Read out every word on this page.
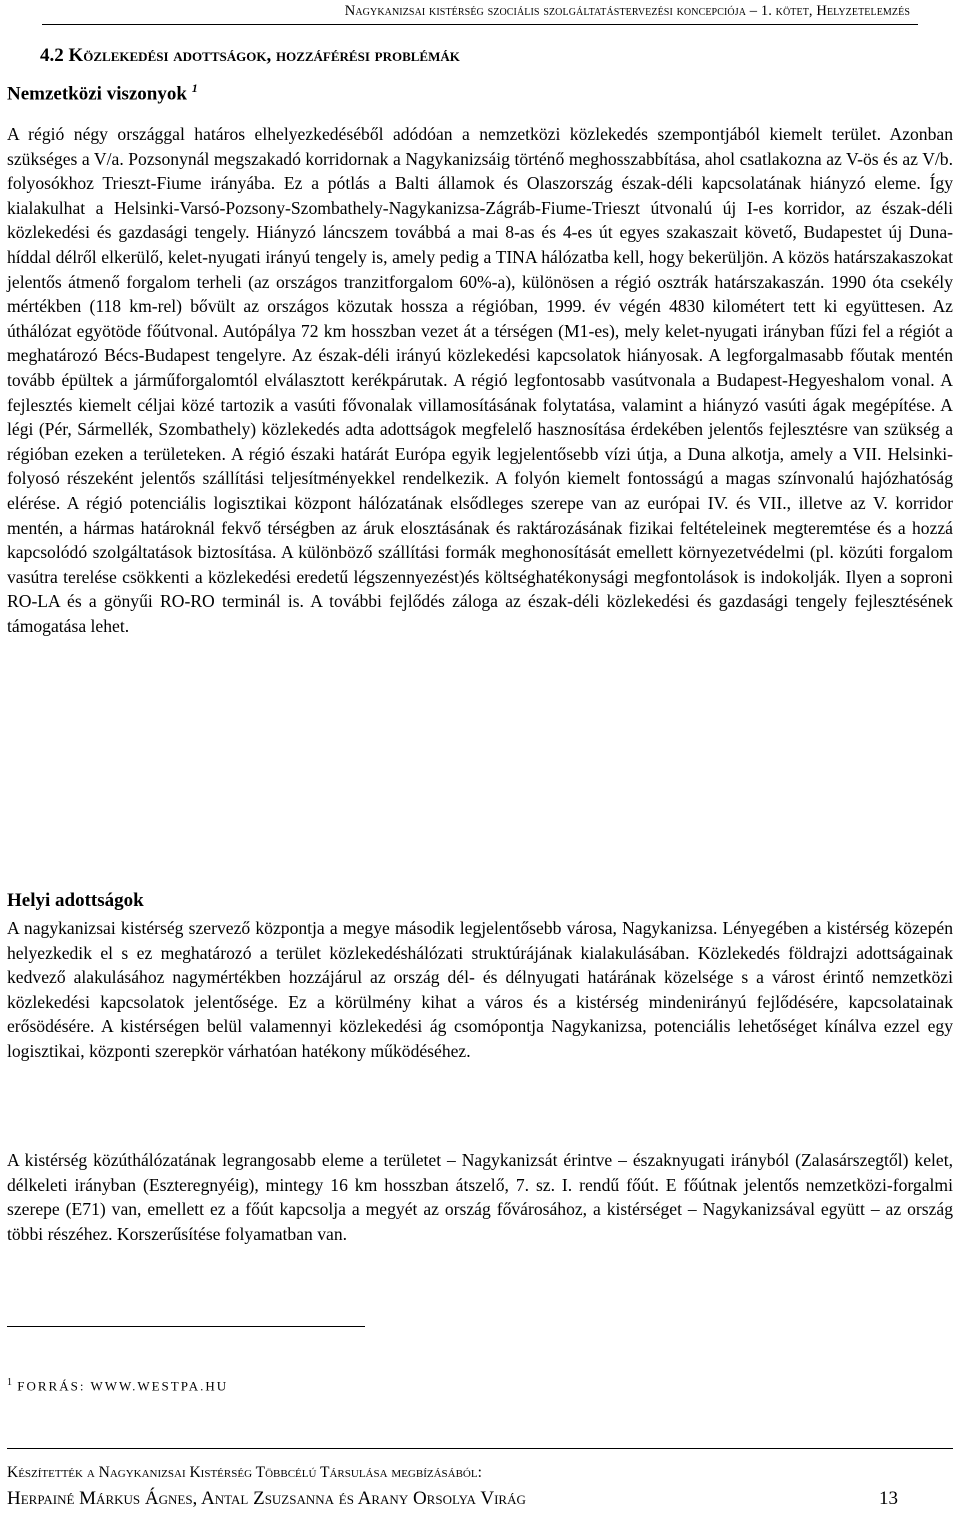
Nagykanizsai kistérség szociális szolgáltatástervezési koncepciója – 1. kötet, Helyzetelemzés
4.2 Közlekedési adottságok, hozzáférési problémák
Nemzetközi viszonyok $^1$

A régió négy országgal határos elhelyezkedéséből adódóan a nemzetközi közlekedés szempontjából kiemelt terület. Azonban szükséges a V/a. Pozsonynál megszakadó korridornak a Nagykanizsáig történő meghosszabbítása, ahol csatlakozna az V-ös és az V/b. folyosókhoz Trieszt-Fiume irányába. Ez a pótlás a Balti államok és Olaszország észak-déli kapcsolatának hiányzó eleme. Így kialakulhat a Helsinki-Varsó-Pozsony-Szombathely-Nagykanizsa-Zágráb-Fiume-Trieszt útvonalú új I-es korridor, az észak-déli közlekedési és gazdasági tengely. Hiányzó láncszem továbbá a mai 8-as és 4-es út egyes szakaszait követő, Budapestet új Duna-híddal délről elkerülő, kelet-nyugati irányú tengely is, amely pedig a TINA hálózatba kell, hogy bekerüljön. A közös határszakaszokat jelentős átmenő forgalom terheli (az országos tranzitforgalom 60%-a), különösen a régió osztrák határszakaszán. 1990 óta csekély mértékben (118 km-rel) bővült az országos közutak hossza a régióban, 1999. év végén 4830 kilométert tett ki együttesen. Az úthálózat egyötöde főútvonal. Autópálya 72 km hosszban vezet át a térségen (M1-es), mely kelet-nyugati irányban fűzi fel a régiót a meghatározó Bécs-Budapest tengelyre. Az észak-déli irányú közlekedési kapcsolatok hiányosak. A legforgalmasabb főutak mentén tovább épültek a járműforgalomtól elválasztott kerékpárutak. A régió legfontosabb vasútvonala a Budapest-Hegyeshalom vonal. A fejlesztés kiemelt céljai közé tartozik a vasúti fővonalak villamosításának folytatása, valamint a hiányzó vasúti ágak megépítése. A légi (Pér, Sármellék, Szombathely) közlekedés adta adottságok megfelelő hasznosítása érdekében jelentős fejlesztésre van szükség a régióban ezeken a területeken. A régió északi határát Európa egyik legjelentősebb vízi útja, a Duna alkotja, amely a VII. Helsinki-folyosó részeként jelentős szállítási teljesítményekkel rendelkezik. A folyón kiemelt fontosságú a magas színvonalú hajózhatóság elérése. A régió potenciális logisztikai központ hálózatának elsődleges szerepe van az európai IV. és VII., illetve az V. korridor mentén, a hármas határoknál fekvő térségben az áruk elosztásának és raktározásának fizikai feltételeinek megteremtése és a hozzá kapcsolódó szolgáltatások biztosítása. A különböző szállítási formák meghonosítását emellett környezetvédelmi (pl. közúti forgalom vasútra terelése csökkenti a közlekedési eredetű légszennyezést)és költséghatékonysági megfontolások is indokolják. Ilyen a soproni RO-LA és a gönyűi RO-RO terminál is. A további fejlődés záloga az észak-déli közlekedési és gazdasági tengely fejlesztésének támogatása lehet.

Helyi adottságok

A nagykanizsai kistérség szervező központja a megye második legjelentősebb városa, Nagykanizsa. Lényegében a kistérség közepén helyezkedik el s ez meghatározó a terület közlekedéshálózati struktúrájának kialakulásában. Közlekedés földrajzi adottságainak kedvező alakulásához nagymértékben hozzájárul az ország dél- és délnyugati határának közelsége s a várost érintő nemzetközi közlekedési kapcsolatok jelentősége. Ez a körülmény kihat a város és a kistérség mindenirányú fejlődésére, kapcsolatainak erősödésére. A kistérségen belül valamennyi közlekedési ág csomópontja Nagykanizsa, potenciális lehetőséget kínálva ezzel egy logisztikai, központi szerepkör várhatóan hatékony működéséhez.

A kistérség közúthálózatának legrangosabb eleme a területet – Nagykanizsát érintve – északnyugati irányból (Zalasárszegtől) kelet, délkeleti irányban (Eszteregnyéig), mintegy 16 km hosszban átszelő, 7. sz. I. rendű főút. E főútnak jelentős nemzetközi-forgalmi szerepe (E71) van, emellett ez a főút kapcsolja a megyét az ország fővárosához, a kistérséget – Nagykanizsával együtt – az ország többi részéhez. Korszerűsítése folyamatban van.

$^1$ FORRÁS: WWW.WESTPA.HU
Készítették a Nagykanizsai Kistérség Többcélú Társulása megbízásából:
Herpainé Márkus Ágnes, Antal Zsuzsanna és Arany Orsolya Virág	13
